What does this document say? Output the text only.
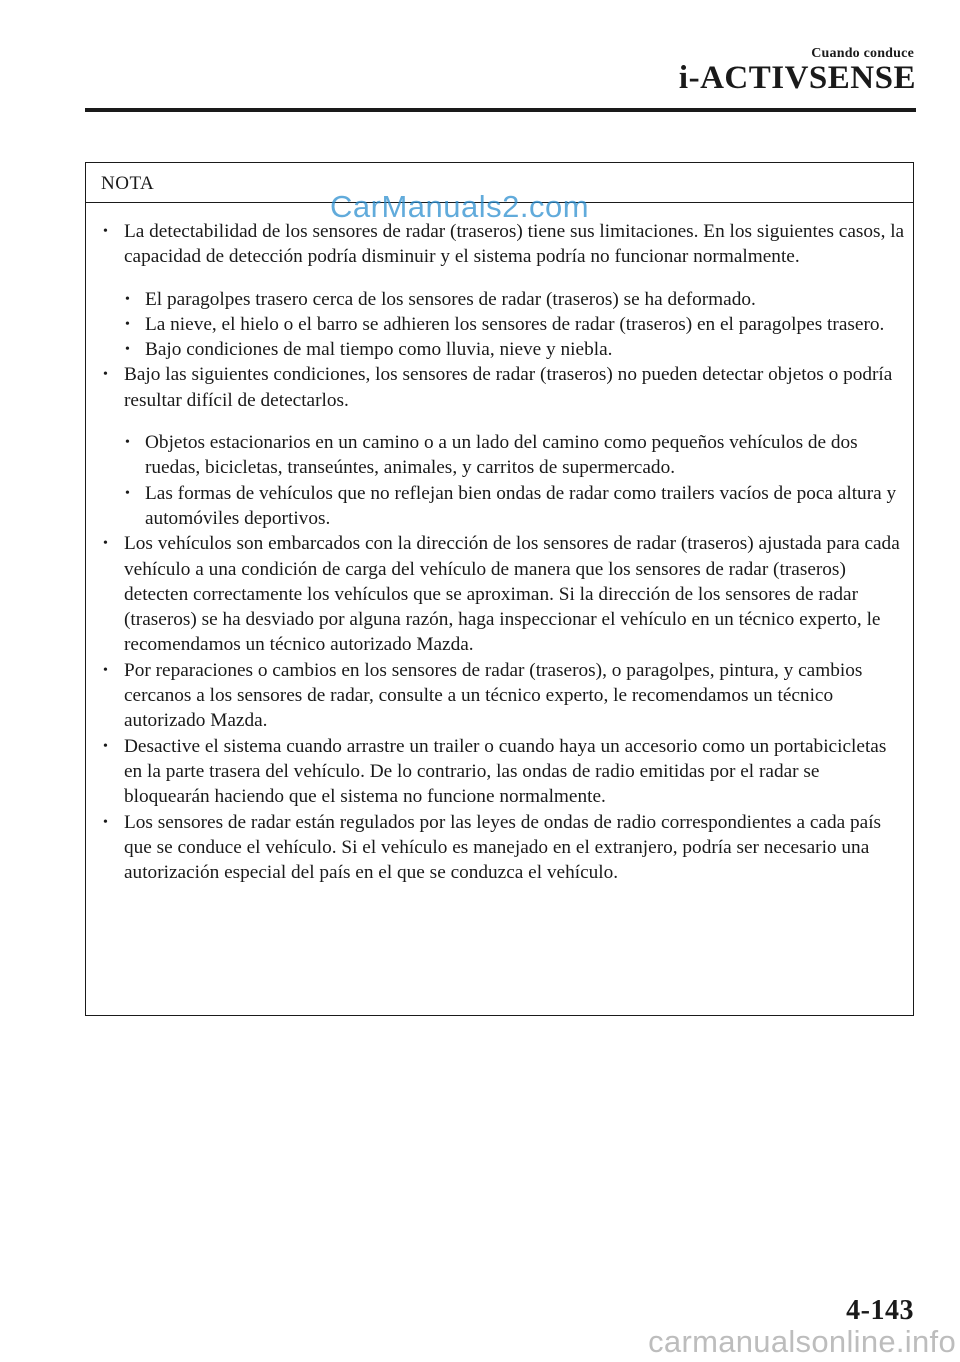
Cuando conduce
i-ACTIVSENSE
NOTA

• La detectabilidad de los sensores de radar (traseros) tiene sus limitaciones. En los siguientes casos, la capacidad de detección podría disminuir y el sistema podría no funcionar normalmente.

• El paragolpes trasero cerca de los sensores de radar (traseros) se ha deformado.

• La nieve, el hielo o el barro se adhieren los sensores de radar (traseros) en el paragolpes trasero.

• Bajo condiciones de mal tiempo como lluvia, nieve y niebla.

• Bajo las siguientes condiciones, los sensores de radar (traseros) no pueden detectar objetos o podría resultar difícil de detectarlos.

• Objetos estacionarios en un camino o a un lado del camino como pequeños vehículos de dos ruedas, bicicletas, transeúntes, animales, y carritos de supermercado.

• Las formas de vehículos que no reflejan bien ondas de radar como trailers vacíos de poca altura y automóviles deportivos.

• Los vehículos son embarcados con la dirección de los sensores de radar (traseros) ajustada para cada vehículo a una condición de carga del vehículo de manera que los sensores de radar (traseros) detecten correctamente los vehículos que se aproximan. Si la dirección de los sensores de radar (traseros) se ha desviado por alguna razón, haga inspeccionar el vehículo en un técnico experto, le recomendamos un técnico autorizado Mazda.

• Por reparaciones o cambios en los sensores de radar (traseros), o paragolpes, pintura, y cambios cercanos a los sensores de radar, consulte a un técnico experto, le recomendamos un técnico autorizado Mazda.

• Desactive el sistema cuando arrastre un trailer o cuando haya un accesorio como un portabicicletas en la parte trasera del vehículo. De lo contrario, las ondas de radio emitidas por el radar se bloquearán haciendo que el sistema no funcione normalmente.

• Los sensores de radar están regulados por las leyes de ondas de radio correspondientes a cada país que se conduce el vehículo. Si el vehículo es manejado en el extranjero, podría ser necesario una autorización especial del país en el que se conduzca el vehículo.

CarManuals2.com
4-143
carmanualsonline.info
